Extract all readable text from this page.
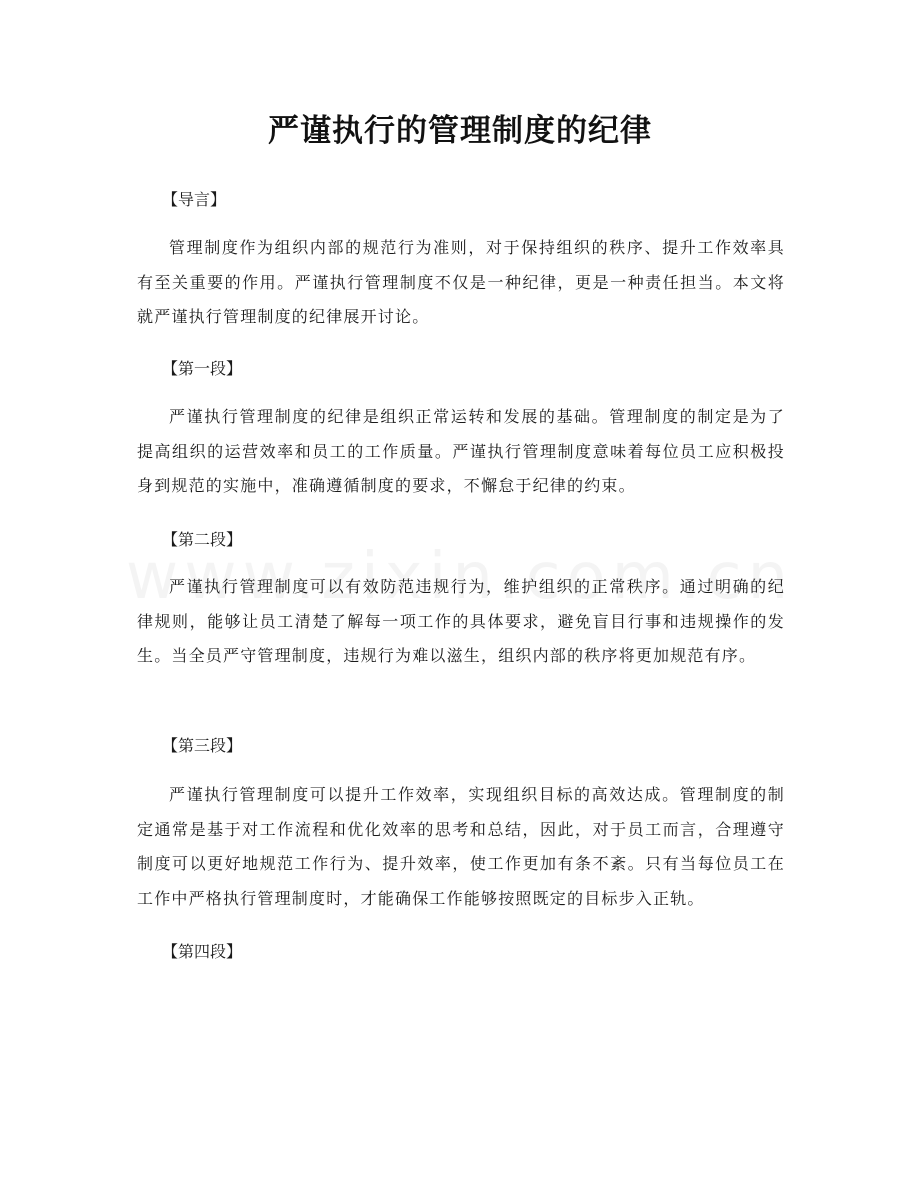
严谨执行的管理制度的纪律
【导言】
管理制度作为组织内部的规范行为准则，对于保持组织的秩序、提升工作效率具有至关重要的作用。严谨执行管理制度不仅是一种纪律，更是一种责任担当。本文将就严谨执行管理制度的纪律展开讨论。
【第一段】
严谨执行管理制度的纪律是组织正常运转和发展的基础。管理制度的制定是为了提高组织的运营效率和员工的工作质量。严谨执行管理制度意味着每位员工应积极投身到规范的实施中，准确遵循制度的要求，不懈怠于纪律的约束。
【第二段】
严谨执行管理制度可以有效防范违规行为，维护组织的正常秩序。通过明确的纪律规则，能够让员工清楚了解每一项工作的具体要求，避免盲目行事和违规操作的发生。当全员严守管理制度，违规行为难以滋生，组织内部的秩序将更加规范有序。
【第三段】
严谨执行管理制度可以提升工作效率，实现组织目标的高效达成。管理制度的制定通常是基于对工作流程和优化效率的思考和总结，因此，对于员工而言，合理遵守制度可以更好地规范工作行为、提升效率，使工作更加有条不紊。只有当每位员工在工作中严格执行管理制度时，才能确保工作能够按照既定的目标步入正轨。
【第四段】
